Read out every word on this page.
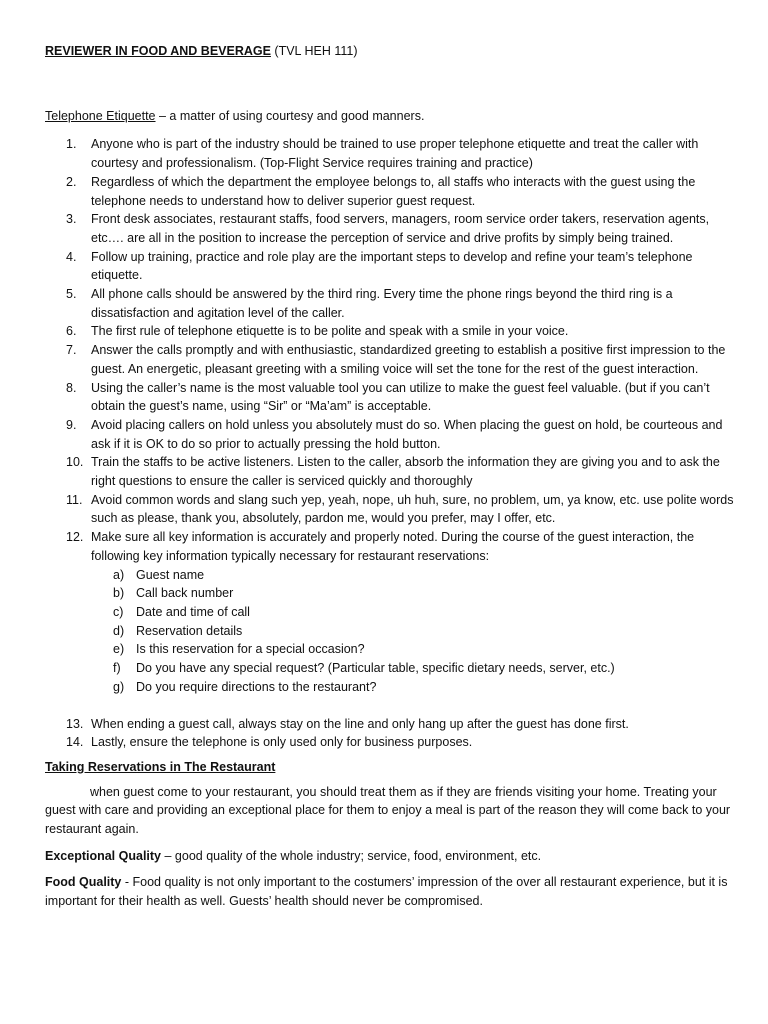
REVIEWER IN FOOD AND BEVERAGE (TVL HEH 111)

Telephone Etiquette – a matter of using courtesy and good manners.
1. Anyone who is part of the industry should be trained to use proper telephone etiquette and treat the caller with courtesy and professionalism. (Top-Flight Service requires training and practice)
2. Regardless of which the department the employee belongs to, all staffs who interacts with the guest using the telephone needs to understand how to deliver superior guest request.
3. Front desk associates, restaurant staffs, food servers, managers, room service order takers, reservation agents, etc…. are all in the position to increase the perception of service and drive profits by simply being trained.
4. Follow up training, practice and role play are the important steps to develop and refine your team’s telephone etiquette.
5. All phone calls should be answered by the third ring. Every time the phone rings beyond the third ring is a dissatisfaction and agitation level of the caller.
6. The first rule of telephone etiquette is to be polite and speak with a smile in your voice.
7. Answer the calls promptly and with enthusiastic, standardized greeting to establish a positive first impression to the guest. An energetic, pleasant greeting with a smiling voice will set the tone for the rest of the guest interaction.
8. Using the caller’s name is the most valuable tool you can utilize to make the guest feel valuable. (but if you can’t obtain the guest’s name, using “Sir” or “Ma’am” is acceptable.
9. Avoid placing callers on hold unless you absolutely must do so. When placing the guest on hold, be courteous and ask if it is OK to do so prior to actually pressing the hold button.
10. Train the staffs to be active listeners. Listen to the caller, absorb the information they are giving you and to ask the right questions to ensure the caller is serviced quickly and thoroughly
11. Avoid common words and slang such yep, yeah, nope, uh huh, sure, no problem, um, ya know, etc. use polite words such as please, thank you, absolutely, pardon me, would you prefer, may I offer, etc.
12. Make sure all key information is accurately and properly noted. During the course of the guest interaction, the following key information typically necessary for restaurant reservations:
a) Guest name
b) Call back number
c) Date and time of call
d) Reservation details
e) Is this reservation for a special occasion?
f) Do you have any special request? (Particular table, specific dietary needs, server, etc.)
g) Do you require directions to the restaurant?
13. When ending a guest call, always stay on the line and only hang up after the guest has done first.
14. Lastly, ensure the telephone is only used only for business purposes.
Taking Reservations in The Restaurant

when guest come to your restaurant, you should treat them as if they are friends visiting your home. Treating your guest with care and providing an exceptional place for them to enjoy a meal is part of the reason they will come back to your restaurant again.

Exceptional Quality – good quality of the whole industry; service, food, environment, etc.

Food Quality - Food quality is not only important to the costumers’ impression of the over all restaurant experience, but it is important for their health as well. Guests’ health should never be compromised.
